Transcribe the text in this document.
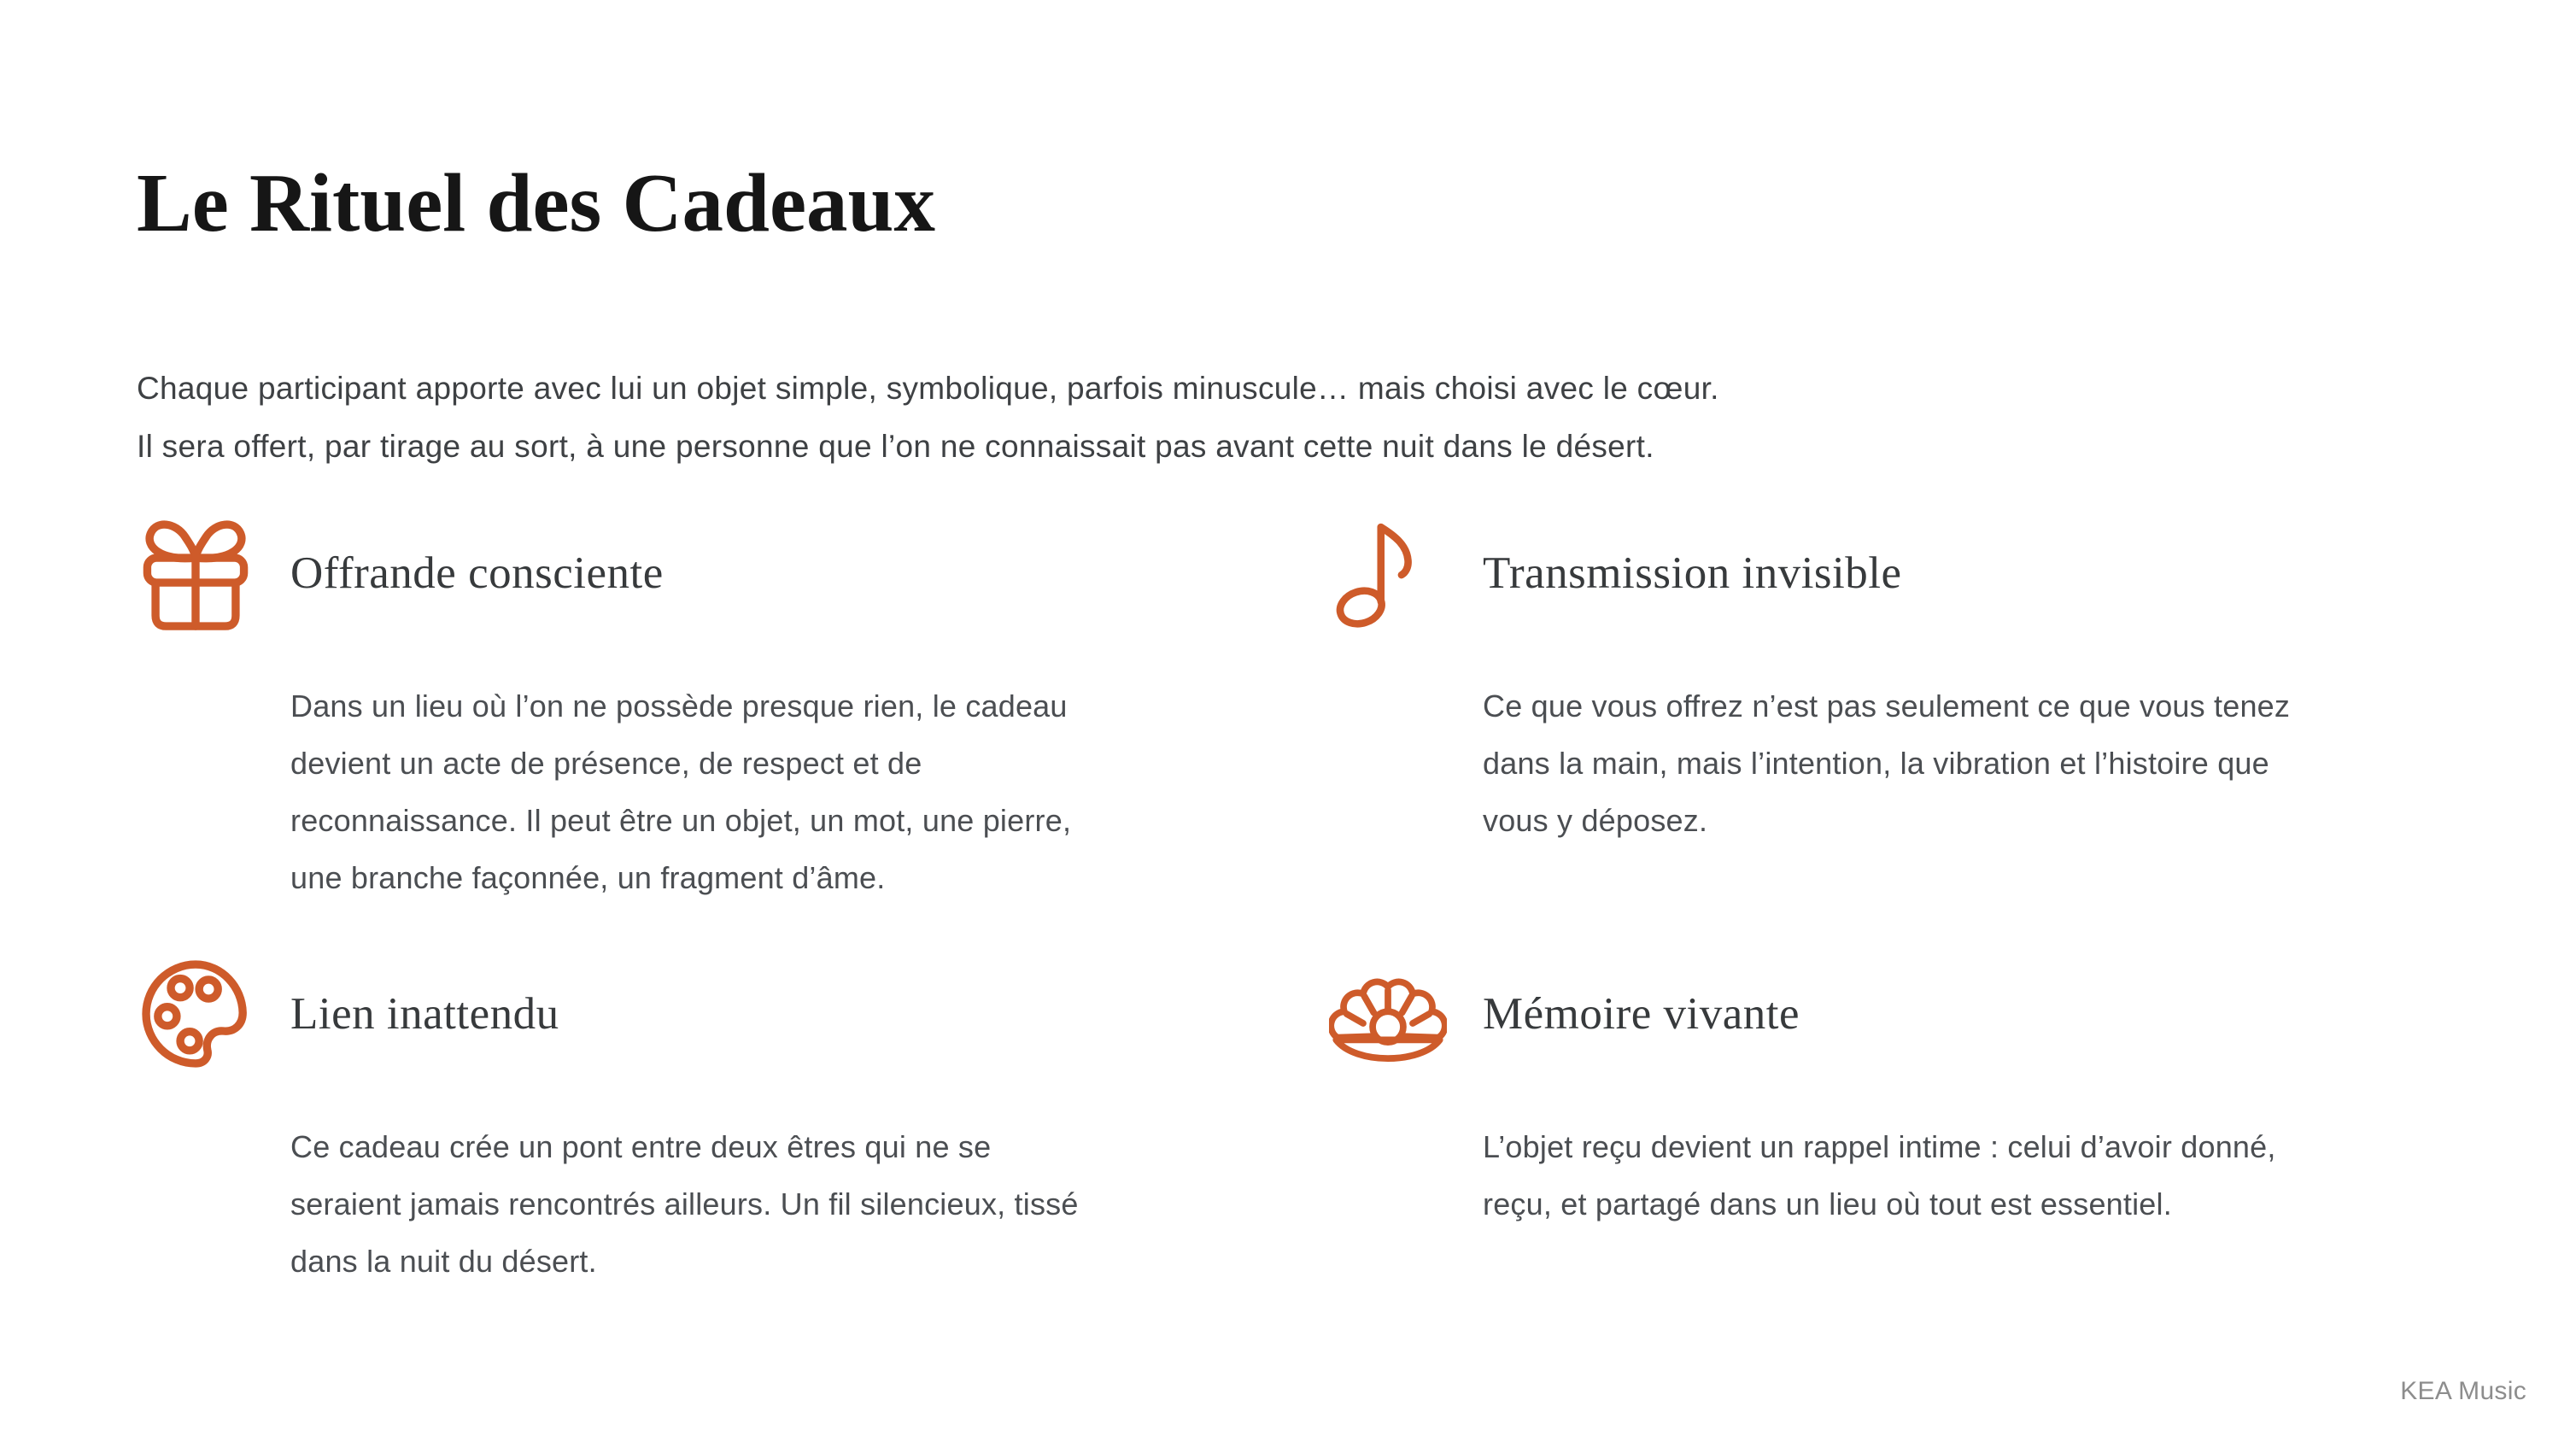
Le Rituel des Cadeaux
Chaque participant apporte avec lui un objet simple, symbolique, parfois minuscule… mais choisi avec le cœur.
Il sera offert, par tirage au sort, à une personne que l’on ne connaissait pas avant cette nuit dans le désert.
Offrande consciente
Dans un lieu où l’on ne possède presque rien, le cadeau
devient un acte de présence, de respect et de
reconnaissance. Il peut être un objet, un mot, une pierre,
une branche façonnée, un fragment d’âme.
Transmission invisible
Ce que vous offrez n’est pas seulement ce que vous tenez
dans la main, mais l’intention, la vibration et l’histoire que
vous y déposez.
Lien inattendu
Ce cadeau crée un pont entre deux êtres qui ne se
seraient jamais rencontrés ailleurs. Un fil silencieux, tissé
dans la nuit du désert.
Mémoire vivante
L’objet reçu devient un rappel intime : celui d’avoir donné,
reçu, et partagé dans un lieu où tout est essentiel.
KEA Music
